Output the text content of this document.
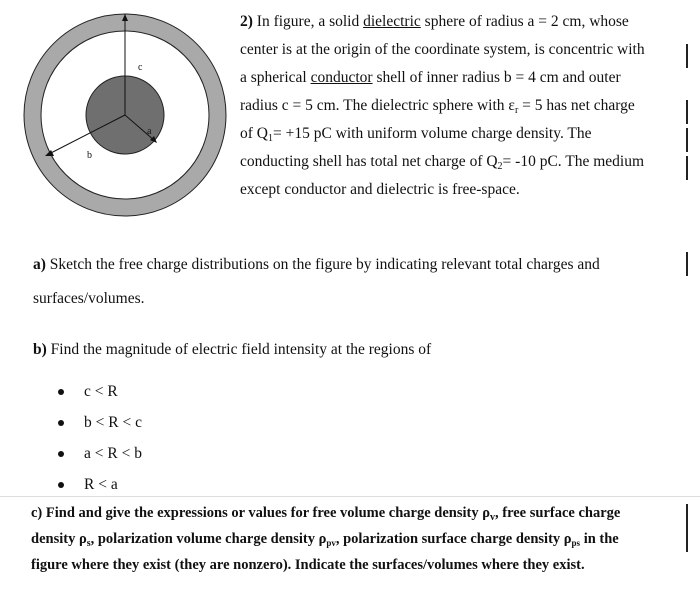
c
a
b
2) In figure, a solid dielectric sphere of radius a = 2 cm, whose
center is at the origin of the coordinate system, is concentric with
a spherical conductor shell of inner radius b = 4 cm and outer
radius c = 5 cm. The dielectric sphere with $\varepsilon_r = 5$ has net charge
of $Q_1= +15$ pC with uniform volume charge density. The
conducting shell has total net charge of $Q_2= -10$ pC. The medium
except conductor and dielectric is free-space.
a) Sketch the free charge distributions on the figure by indicating relevant total charges and
surfaces/volumes.
b) Find the magnitude of electric field intensity at the regions of
c < R
b < R < c
a < R < b
R < a
c) Find and give the expressions or values for free volume charge density $\rho_v$, free surface charge
density $\rho_s$, polarization volume charge density $\rho_{pv}$, polarization surface charge density $\rho_{ps}$ in the
figure where they exist (they are nonzero). Indicate the surfaces/volumes where they exist.
